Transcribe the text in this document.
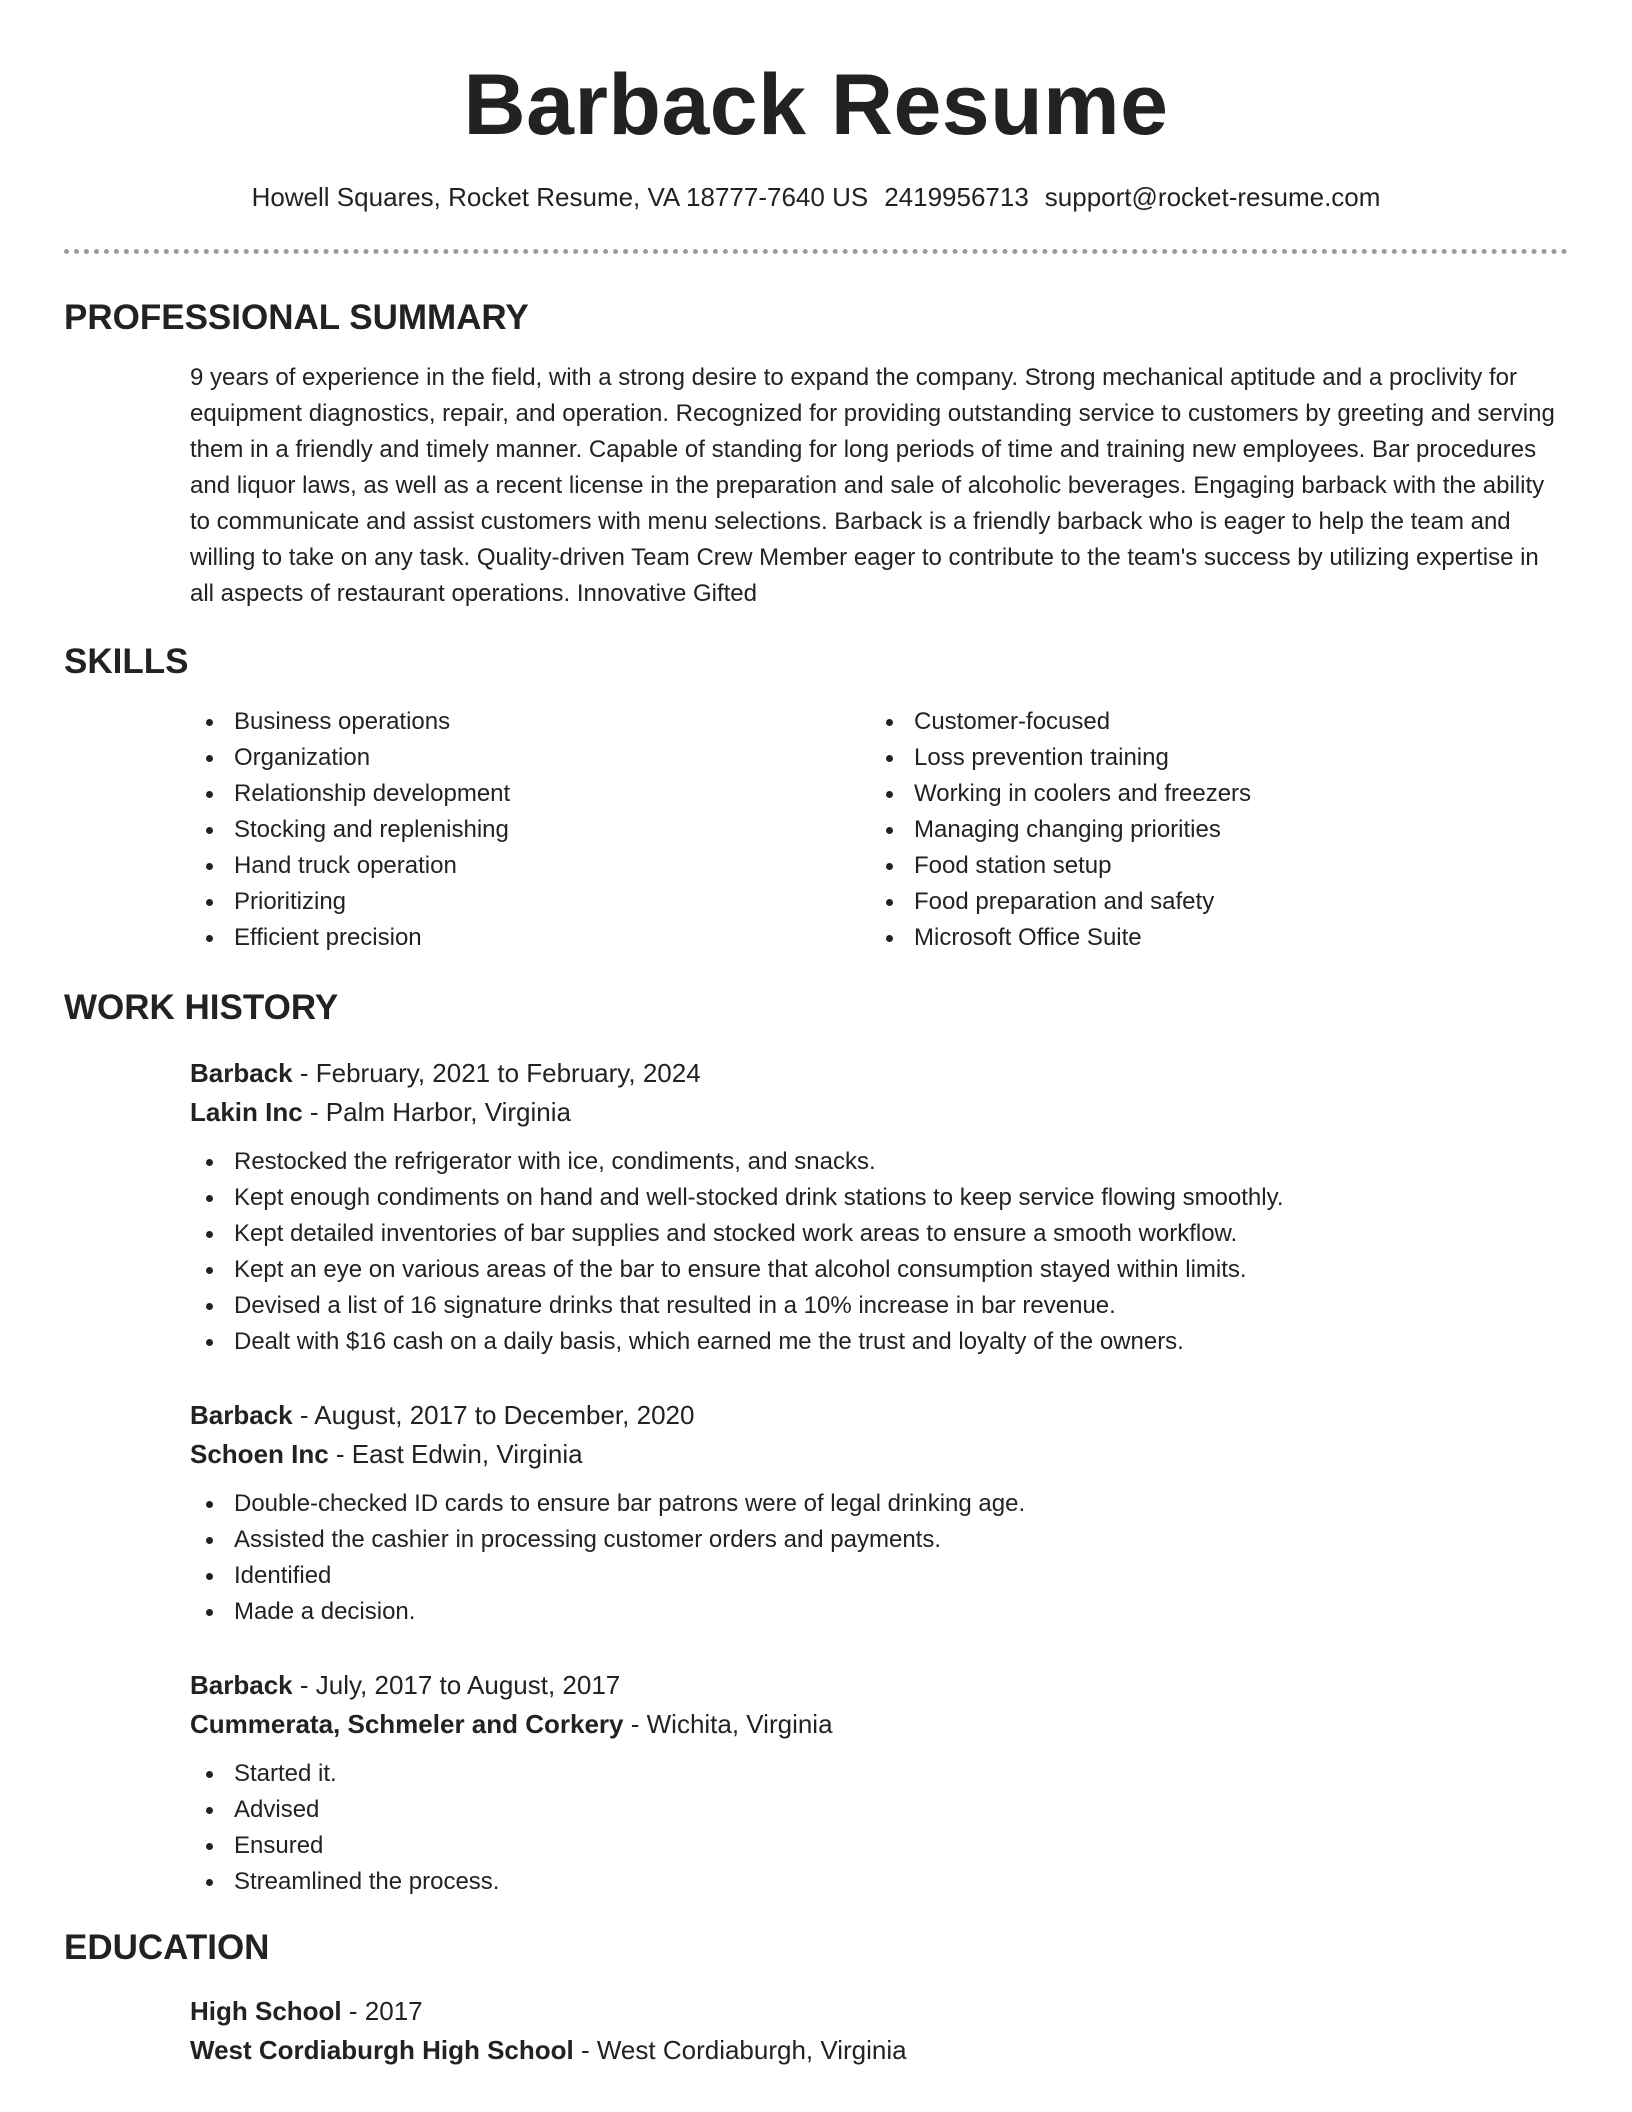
Barback Resume
Howell Squares, Rocket Resume, VA 18777-7640 US 2419956713 support@rocket-resume.com
PROFESSIONAL SUMMARY

9 years of experience in the field, with a strong desire to expand the company. Strong mechanical aptitude and a proclivity for equipment diagnostics, repair, and operation. Recognized for providing outstanding service to customers by greeting and serving them in a friendly and timely manner. Capable of standing for long periods of time and training new employees. Bar procedures and liquor laws, as well as a recent license in the preparation and sale of alcoholic beverages. Engaging barback with the ability to communicate and assist customers with menu selections. Barback is a friendly barback who is eager to help the team and willing to take on any task. Quality-driven Team Crew Member eager to contribute to the team's success by utilizing expertise in all aspects of restaurant operations. Innovative Gifted

SKILLS
Business operations
Organization
Relationship development
Stocking and replenishing
Hand truck operation
Prioritizing
Efficient precision
Customer-focused
Loss prevention training
Working in coolers and freezers
Managing changing priorities
Food station setup
Food preparation and safety
Microsoft Office Suite
WORK HISTORY
Barback - February, 2021 to February, 2024
Lakin Inc - Palm Harbor, Virginia
Restocked the refrigerator with ice, condiments, and snacks.
Kept enough condiments on hand and well-stocked drink stations to keep service flowing smoothly.
Kept detailed inventories of bar supplies and stocked work areas to ensure a smooth workflow.
Kept an eye on various areas of the bar to ensure that alcohol consumption stayed within limits.
Devised a list of 16 signature drinks that resulted in a 10% increase in bar revenue.
Dealt with $16 cash on a daily basis, which earned me the trust and loyalty of the owners.
Barback - August, 2017 to December, 2020
Schoen Inc - East Edwin, Virginia
Double-checked ID cards to ensure bar patrons were of legal drinking age.
Assisted the cashier in processing customer orders and payments.
Identified
Made a decision.
Barback - July, 2017 to August, 2017
Cummerata, Schmeler and Corkery - Wichita, Virginia
Started it.
Advised
Ensured
Streamlined the process.
EDUCATION
High School - 2017
West Cordiaburgh High School - West Cordiaburgh, Virginia
